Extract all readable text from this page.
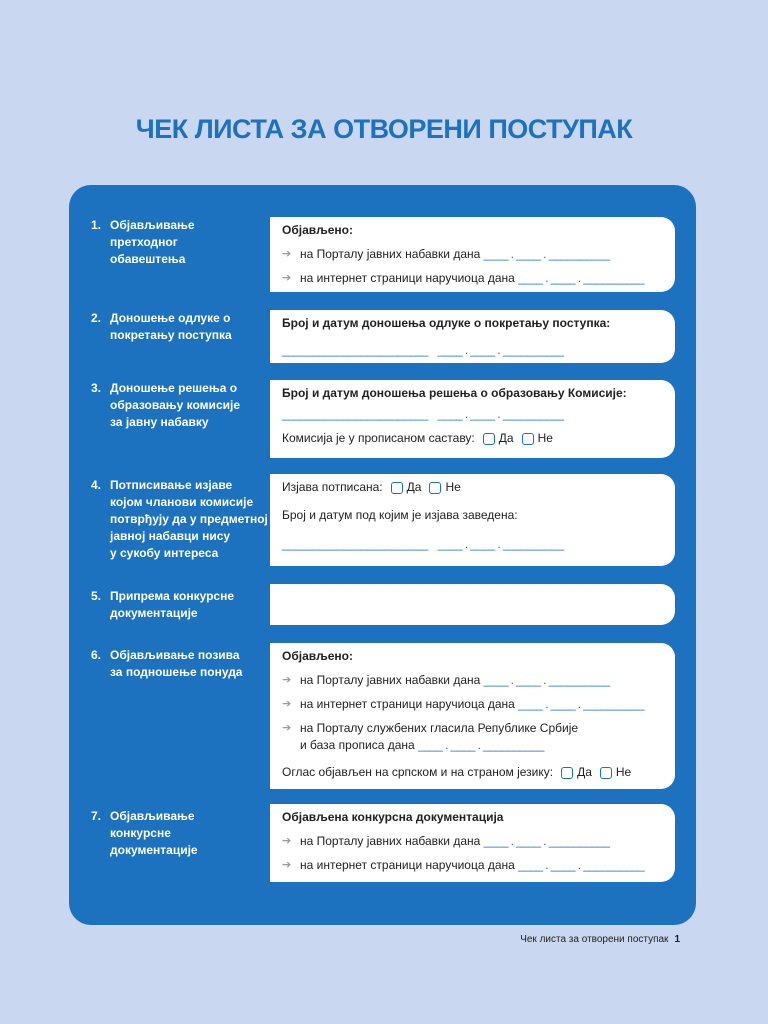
ЧЕК ЛИСТА ЗА ОТВОРЕНИ ПОСТУПАК
1. Објављивање
претходног
обавештења
Објављено:
➔ на Порталу јавних набавки дана
____ . ____ . __________
➔ на интернет страници наручиоца дана
____ . ____ . __________
2. Доношење одлуке о
покретању поступка
Број и датум доношења одлуке о покретању поступка:
________________________
____ . ____ . __________
3. Доношење решења о
образовању комисије
за јавну набавку
Број и датум доношења решења о образовању Комисије:
________________________
____ . ____ . __________
Комисија је у прописаном саставу: Да Не
4. Потписивање изјаве
којом чланови комисије
потврђују да у предметној
јавној набавци нису
у сукобу интереса
Изјава потписана: Да Не
Број и датум под којим је изјава заведена:
________________________
____ . ____ . __________
5. Припрема конкурсне
документације
6. Објављивање позива
за подношење понуда
Објављено:
➔ на Порталу јавних набавки дана
____ . ____ . __________
➔ на интернет страници наручиоца дана
____ . ____ . __________
➔ на Порталу службених гласила Републике Србије
и база прописа дана ____ . ____ . __________
Оглас објављен на српском и на страном језику: Да Не
7. Објављивање
конкурсне
документације
Објављена конкурсна документација
➔ на Порталу јавних набавки дана
____ . ____ . __________
➔ на интернет страници наручиоца дана
____ . ____ . __________
Чек листа за отворени поступак 1
